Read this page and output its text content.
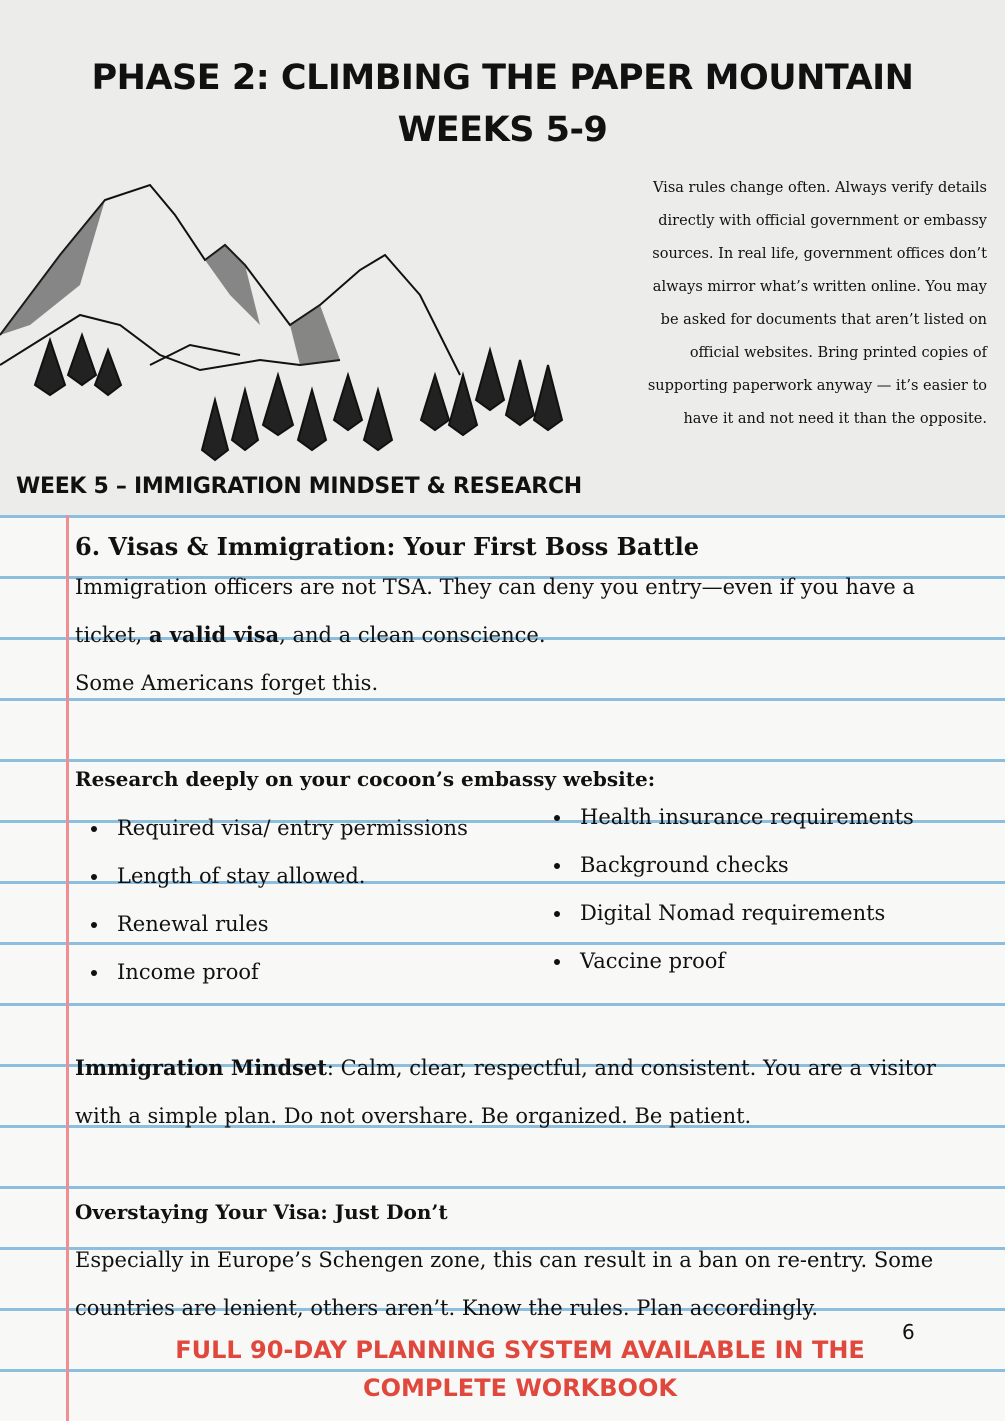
PHASE 2: CLIMBING THE PAPER MOUNTAIN
WEEKS 5-9
Visa rules change often. Always verify details directly with official government or embassy sources. In real life, government offices don’t always mirror what’s written online. You may be asked for documents that aren’t listed on official websites. Bring printed copies of supporting paperwork anyway — it’s easier to have it and not need it than the opposite.
WEEK 5 – IMMIGRATION MINDSET & RESEARCH
6. Visas & Immigration: Your First Boss Battle
Immigration officers are not TSA. They can deny you entry—even if you have a ticket, a valid visa, and a clean conscience.
Some Americans forget this.
Research deeply on your cocoon’s embassy website:
Required visa/ entry permissions
Length of stay allowed.
Renewal rules
Income proof
Health insurance requirements
Background checks
Digital Nomad requirements
Vaccine proof
Immigration Mindset: Calm, clear, respectful, and consistent. You are a visitor with a simple plan. Do not overshare. Be organized. Be patient.
Overstaying Your Visa: Just Don’t
Especially in Europe’s Schengen zone, this can result in a ban on re-entry. Some countries are lenient, others aren’t. Know the rules. Plan accordingly.
6
FULL 90-DAY PLANNING SYSTEM AVAILABLE IN THE COMPLETE WORKBOOK
